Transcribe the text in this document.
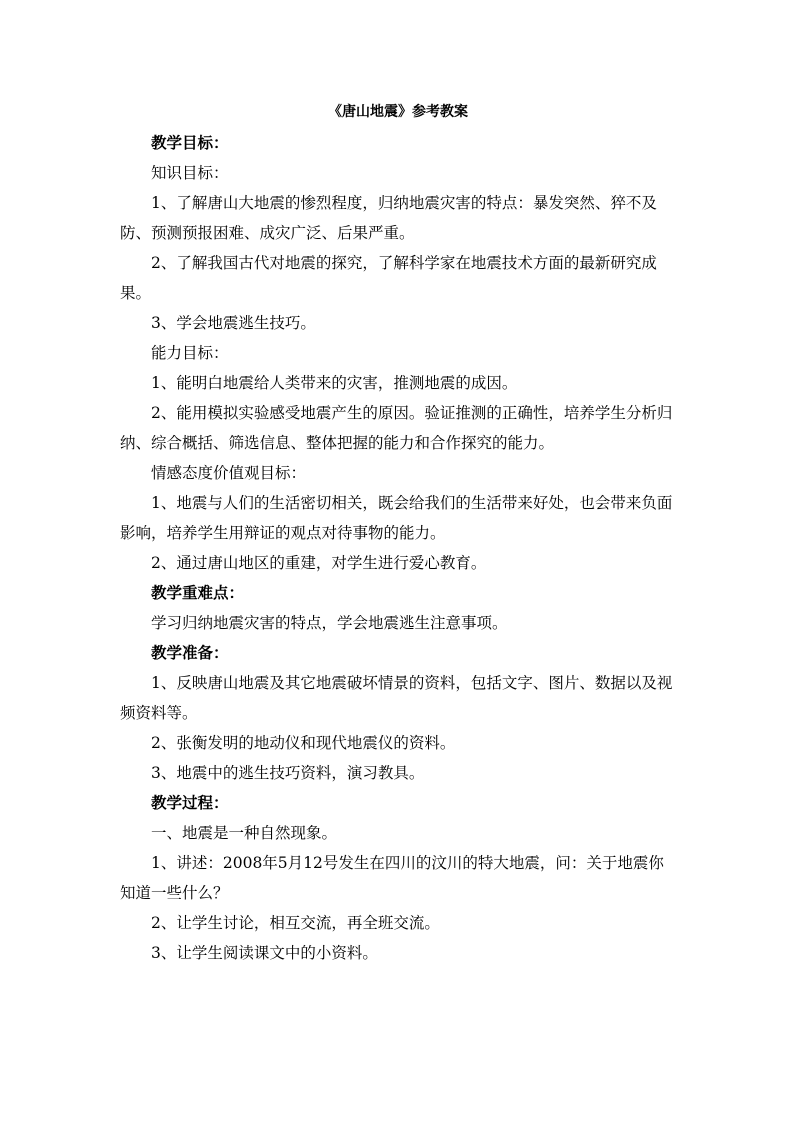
《唐山地震》参考教案

教学目标：

知识目标：

1、了解唐山大地震的惨烈程度，归纳地震灾害的特点：暴发突然、猝不及防、预测预报困难、成灾广泛、后果严重。

2、了解我国古代对地震的探究，了解科学家在地震技术方面的最新研究成果。

3、学会地震逃生技巧。

能力目标：

1、能明白地震给人类带来的灾害，推测地震的成因。

2、能用模拟实验感受地震产生的原因。验证推测的正确性，培养学生分析归纳、综合概括、筛选信息、整体把握的能力和合作探究的能力。

情感态度价值观目标：

1、地震与人们的生活密切相关，既会给我们的生活带来好处，也会带来负面影响，培养学生用辩证的观点对待事物的能力。

2、通过唐山地区的重建，对学生进行爱心教育。

教学重难点：

学习归纳地震灾害的特点，学会地震逃生注意事项。

教学准备：

1、反映唐山地震及其它地震破坏情景的资料，包括文字、图片、数据以及视频资料等。

2、张衡发明的地动仪和现代地震仪的资料。

3、地震中的逃生技巧资料，演习教具。

教学过程：

一、地震是一种自然现象。

1、讲述：2008年5月12号发生在四川的汶川的特大地震，问：关于地震你知道一些什么？

2、让学生讨论，相互交流，再全班交流。

3、让学生阅读课文中的小资料。
